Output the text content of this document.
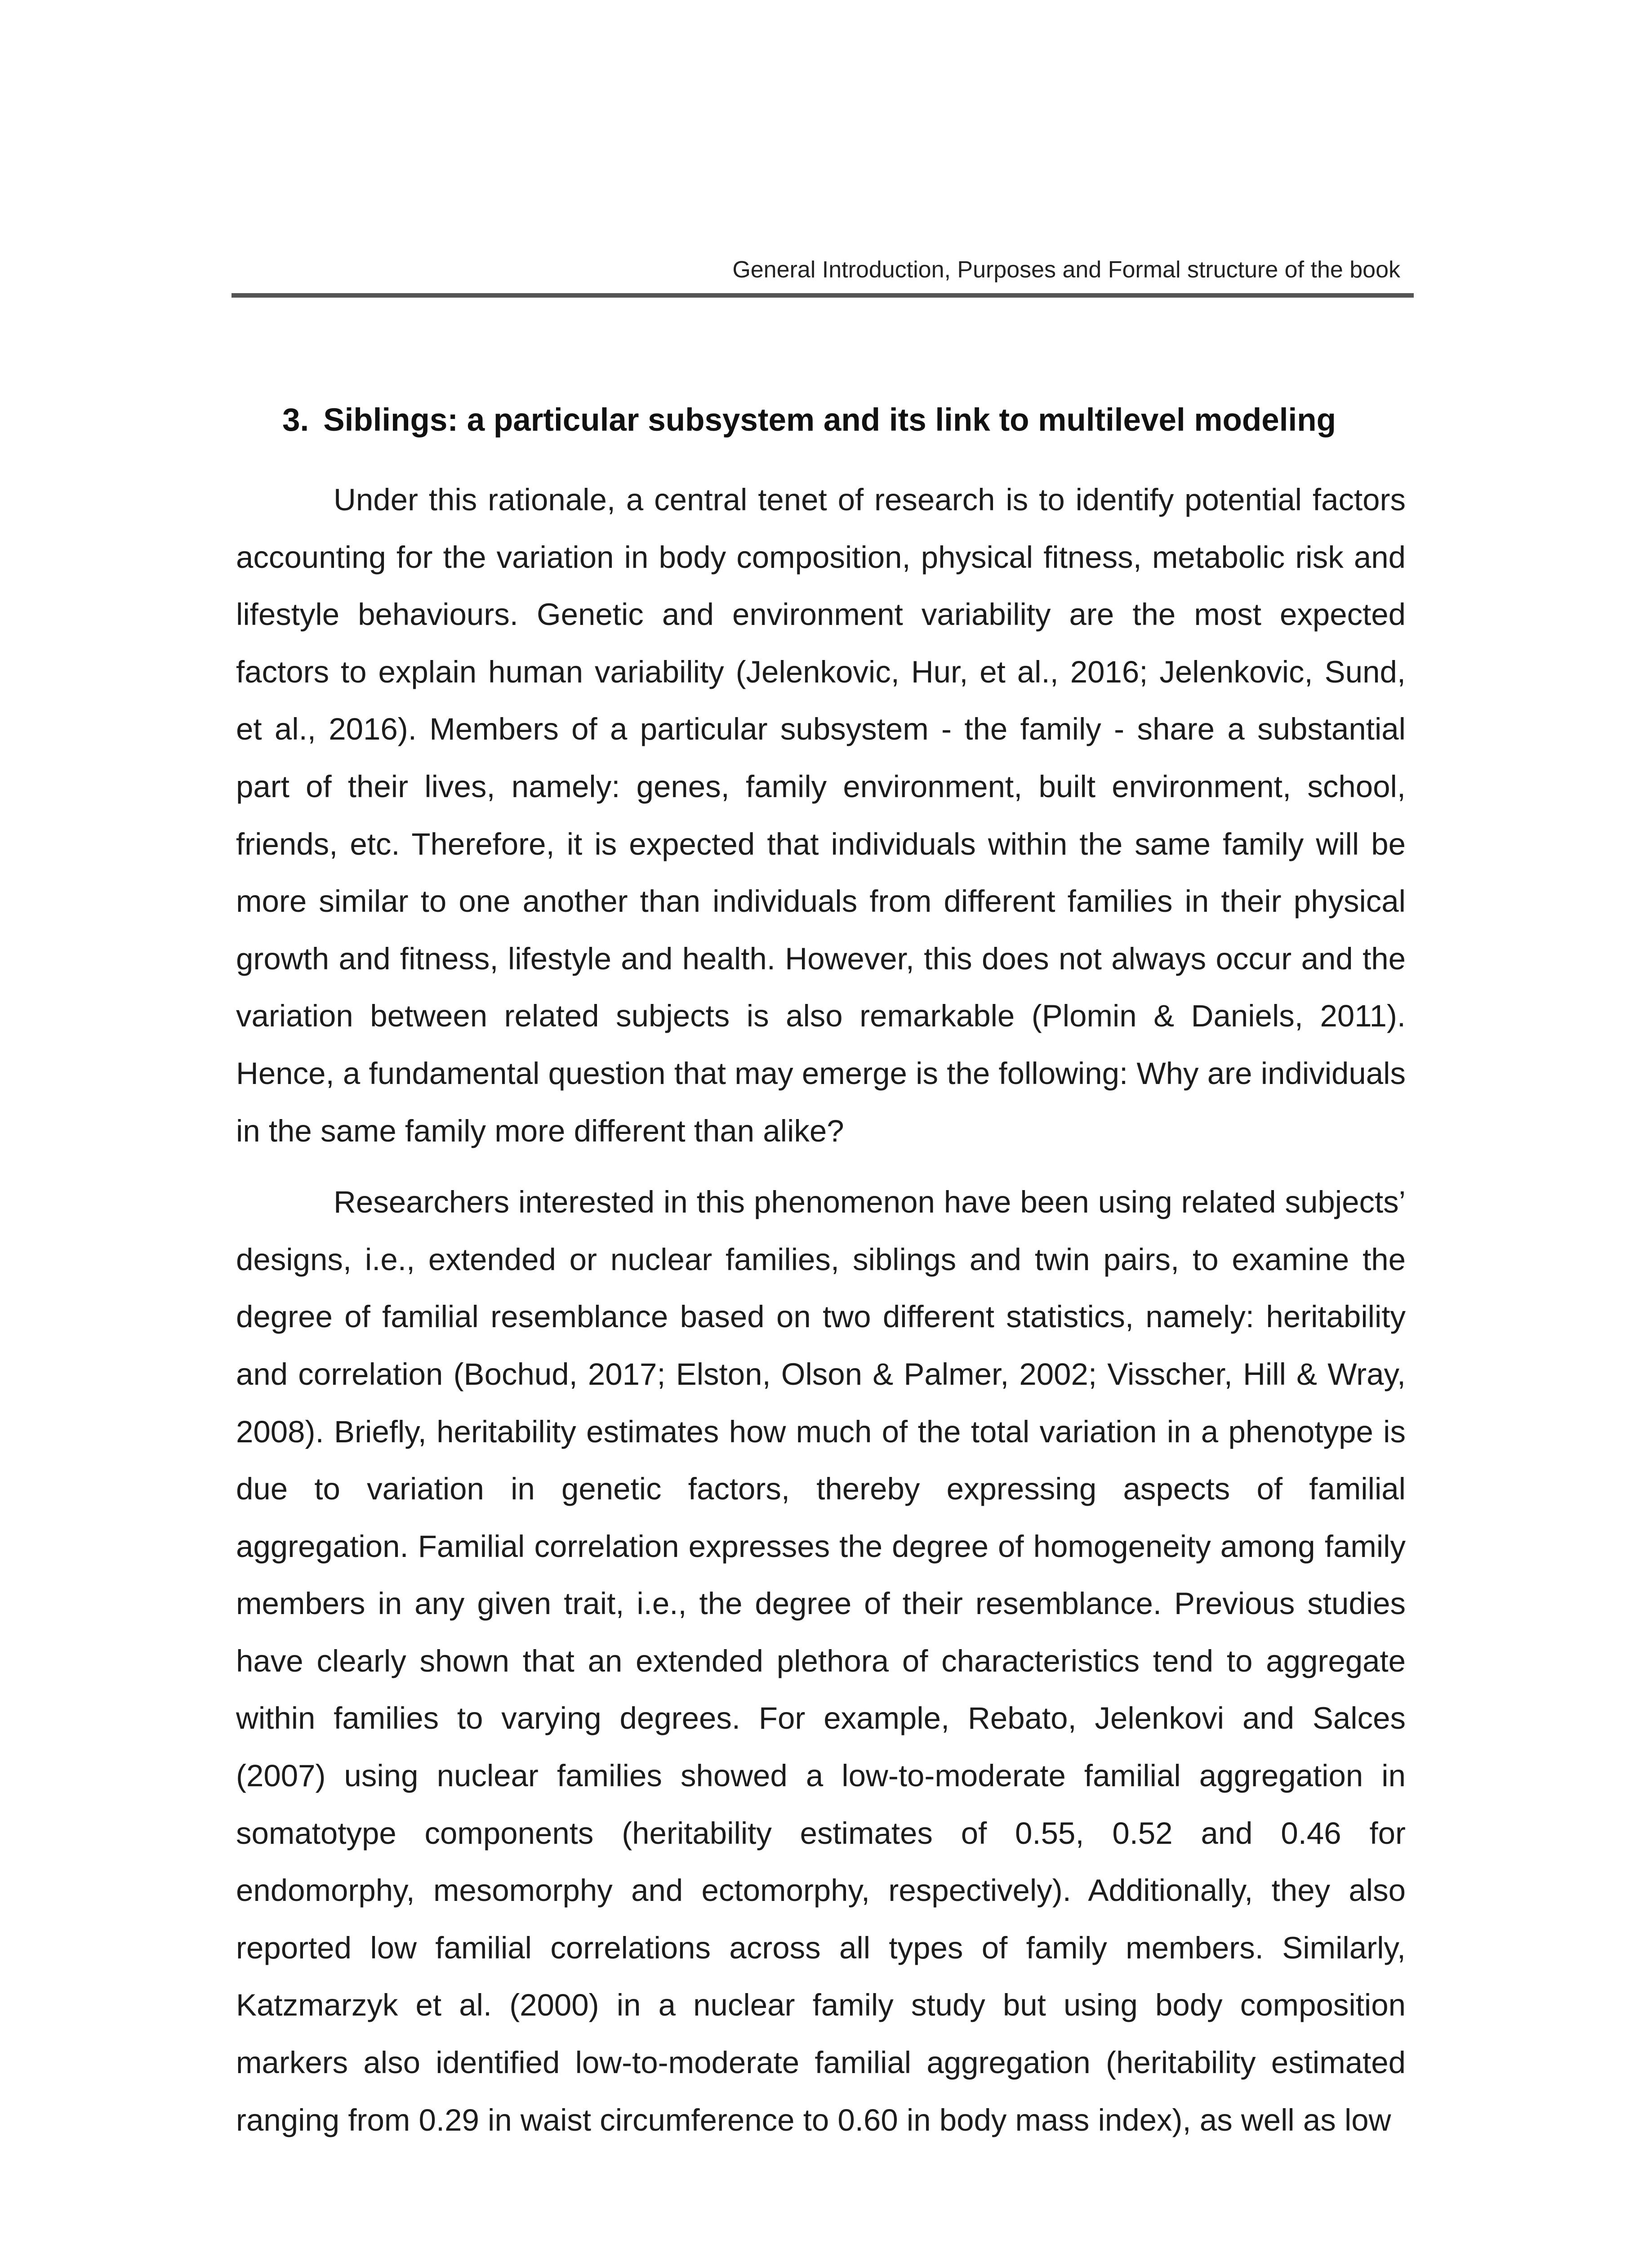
General Introduction, Purposes and Formal structure of the book
3. Siblings: a particular subsystem and its link to multilevel modeling

Under this rationale, a central tenet of research is to identify potential factors accounting for the variation in body composition, physical fitness, metabolic risk and lifestyle behaviours. Genetic and environment variability are the most expected factors to explain human variability (Jelenkovic, Hur, et al., 2016; Jelenkovic, Sund, et al., 2016). Members of a particular subsystem - the family - share a substantial part of their lives, namely: genes, family environment, built environment, school, friends, etc. Therefore, it is expected that individuals within the same family will be more similar to one another than individuals from different families in their physical growth and fitness, lifestyle and health. However, this does not always occur and the variation between related subjects is also remarkable (Plomin & Daniels, 2011). Hence, a fundamental question that may emerge is the following: Why are individuals in the same family more different than alike?

Researchers interested in this phenomenon have been using related subjects’ designs, i.e., extended or nuclear families, siblings and twin pairs, to examine the degree of familial resemblance based on two different statistics, namely: heritability and correlation (Bochud, 2017; Elston, Olson & Palmer, 2002; Visscher, Hill & Wray, 2008). Briefly, heritability estimates how much of the total variation in a phenotype is due to variation in genetic factors, thereby expressing aspects of familial aggregation. Familial correlation expresses the degree of homogeneity among family members in any given trait, i.e., the degree of their resemblance. Previous studies have clearly shown that an extended plethora of characteristics tend to aggregate within families to varying degrees. For example, Rebato, Jelenkovi and Salces (2007) using nuclear families showed a low-to-moderate familial aggregation in somatotype components (heritability estimates of 0.55, 0.52 and 0.46 for endomorphy, mesomorphy and ectomorphy, respectively). Additionally, they also reported low familial correlations across all types of family members. Similarly, Katzmarzyk et al. (2000) in a nuclear family study but using body composition markers also identified low-to-moderate familial aggregation (heritability estimated ranging from 0.29 in waist circumference to 0.60 in body mass index), as well as low
